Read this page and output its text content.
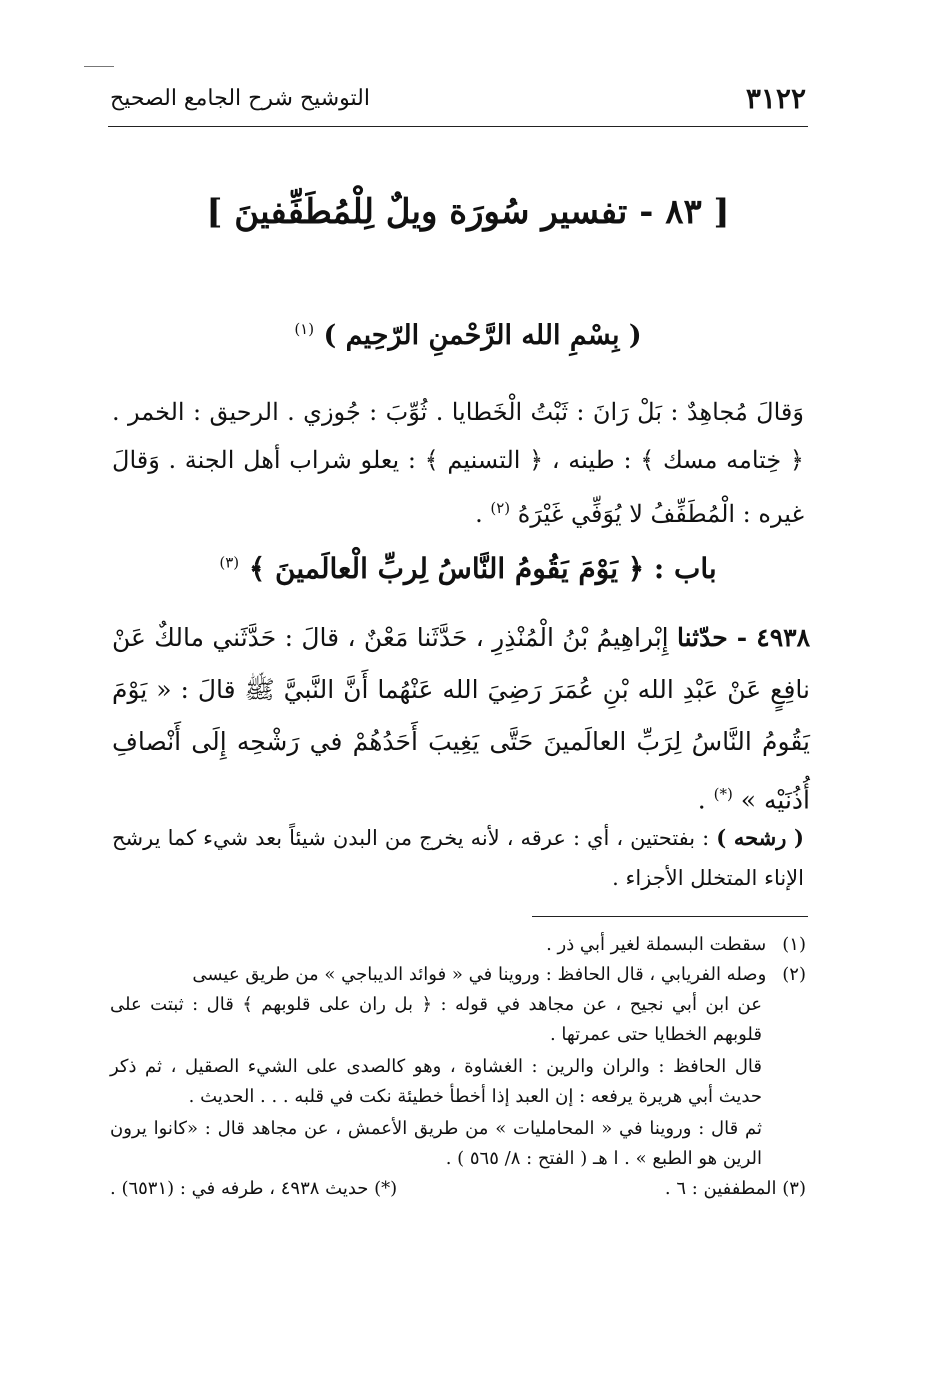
٣١٢٢
التوشيح شرح الجامع الصحيح
[ ٨٣ - تفسير سُورَة ويلٌ لِلْمُطَفِّفينَ ]
( بِسْمِ الله الرَّحْمنِ الرّحِيم ) $^{(١)}$
وَقالَ مُجاهِدٌ : بَلْ رَانَ : ثَبْتُ الْخَطايا . ثُوِّبَ : جُوزي . الرحيق : الخمر . ﴿ خِتامه مسك ﴾ : طينه ، ﴿ التسنيم ﴾ : يعلو شراب أهل الجنة . وَقالَ غيره : الْمُطَفِّفُ لا يُوَفِّي غَيْرَهُ $^{(٢)}$ .
باب : ﴿ يَوْمَ يَقُومُ النَّاسُ لِربِّ الْعالَمينَ ﴾ $^{(٣)}$
٤٩٣٨ - حدّثنا إِبْراهِيمُ بْنُ الْمُنْذِرِ ، حَدَّثَنا مَعْنٌ ، قالَ : حَدَّثَني مالكٌ عَنْ نافِعٍ عَنْ عَبْدِ الله بْنِ عُمَرَ رَضِيَ الله عَنْهُما أَنَّ النَّبيَّ ﷺ قالَ : « يَوْمَ يَقُومُ النَّاسُ لِرَبِّ العالَمينَ حَتَّى يَغِيبَ أَحَدُهُمْ في رَشْحِه إِلَى أَنْصافِ أُذُنَيْه » (*) .
( رشحه ) : بفتحتين ، أي : عرقه ، لأنه يخرج من البدن شيئاً بعد شيء كما يرشح الإناء المتخلل الأجزاء .

(١) سقطت البسملة لغير أبي ذر .

(٢) وصله الفريابي ، قال الحافظ : وروينا في « فوائد الديباجي » من طريق عيسى

عن ابن أبي نجيح ، عن مجاهد في قوله : ﴿ بل ران على قلوبهم ﴾ قال : ثبتت على قلوبهم الخطايا حتى عمرتها .

قال الحافظ : والران والرين : الغشاوة ، وهو كالصدى على الشيء الصقيل ، ثم ذكر حديث أبي هريرة يرفعه : إن العبد إذا أخطأ خطيئة نكت في قلبه . . . الحديث .

ثم قال : وروينا في « المحامليات » من طريق الأعمش ، عن مجاهد قال : «كانوا يرون الرين هو الطبع » . ا هـ ( الفتح : ٨/ ٥٦٥ ) .

(٣) المطففين : ٦ .
(*) حديث ٤٩٣٨ ، طرفه في : (٦٥٣١) .
